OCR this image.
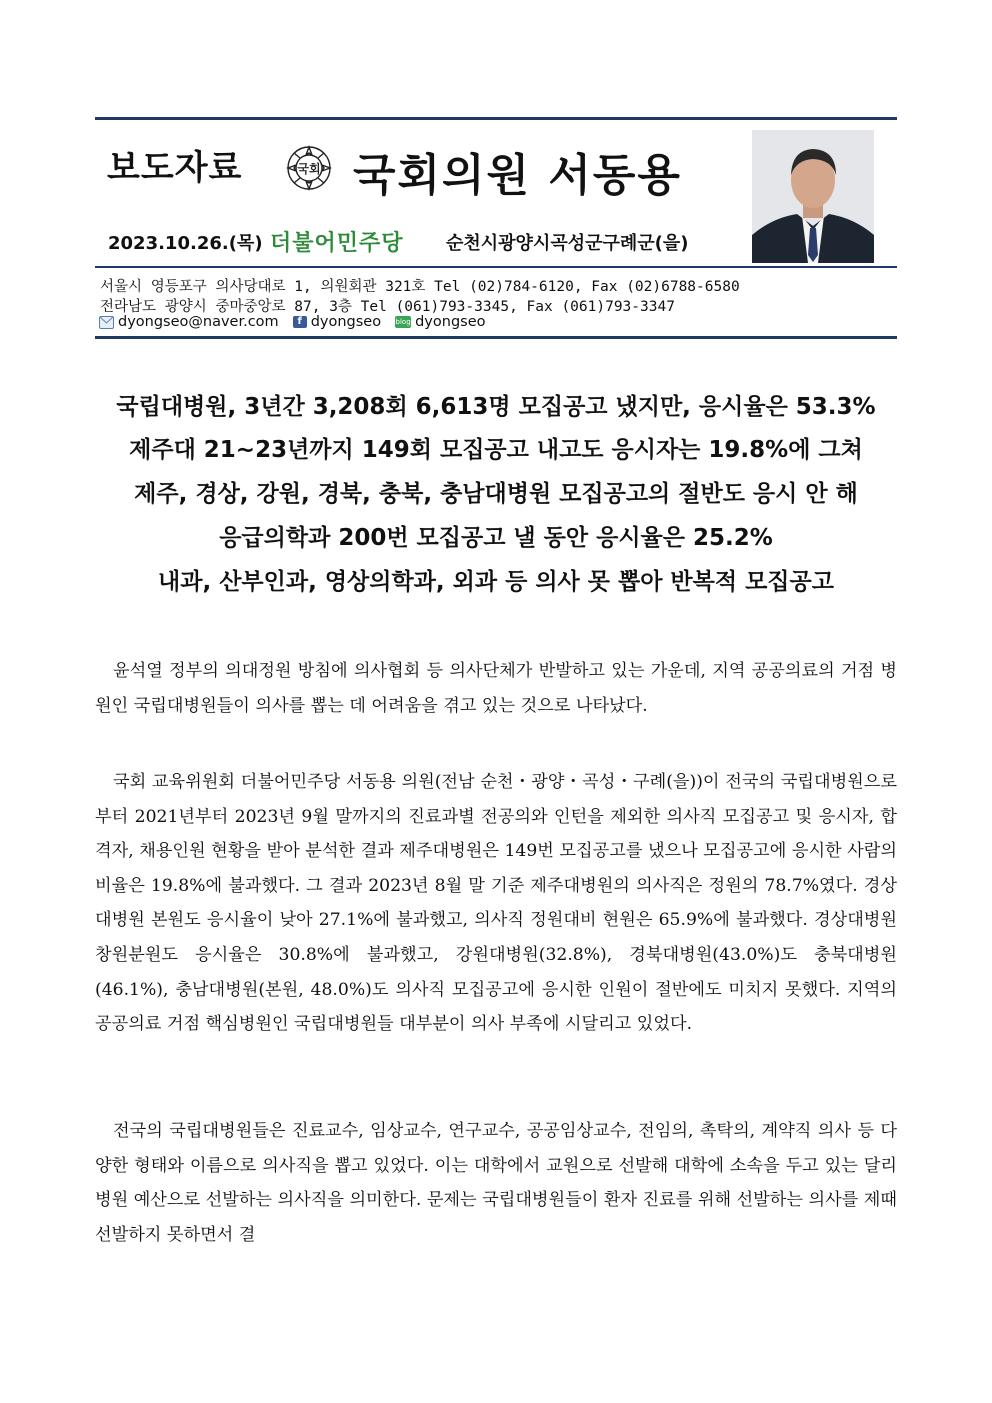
보도자료	국회 국회의원 서동용
2023.10.26.(목) 더불어민주당 순천시광양시곡성군구례군(을)
서울시 영등포구 의사당대로 1, 의원회관 321호 Tel (02)784-6120, Fax (02)6788-6580
전라남도 광양시 중마중앙로 87, 3층 Tel (061)793-3345, Fax (061)793-3347
dyongseo@naver.com	f dyongseo blog dyongseo
국립대병원, 3년간 3,208회 6,613명 모집공고 냈지만, 응시율은 53.3%
제주대 21~23년까지 149회 모집공고 내고도 응시자는 19.8%에 그쳐
제주, 경상, 강원, 경북, 충북, 충남대병원 모집공고의 절반도 응시 안 해
응급의학과 200번 모집공고 낼 동안 응시율은 25.2%
내과, 산부인과, 영상의학과, 외과 등 의사 못 뽑아 반복적 모집공고

윤석열 정부의 의대정원 방침에 의사협회 등 의사단체가 반발하고 있는 가운데, 지역 공공의료의 거점 병원인 국립대병원들이 의사를 뽑는 데 어려움을 겪고 있는 것으로 나타났다.

국회 교육위원회 더불어민주당 서동용 의원(전남 순천・광양・곡성・구례(을))이 전국의 국립대병원으로부터 2021년부터 2023년 9월 말까지의 진료과별 전공의와 인턴을 제외한 의사직 모집공고 및 응시자, 합격자, 채용인원 현황을 받아 분석한 결과 제주대병원은 149번 모집공고를 냈으나 모집공고에 응시한 사람의 비율은 19.8%에 불과했다. 그 결과 2023년 8월 말 기준 제주대병원의 의사직은 정원의 78.7%였다. 경상대병원 본원도 응시율이 낮아 27.1%에 불과했고, 의사직 정원대비 현원은 65.9%에 불과했다. 경상대병원 창원분원도 응시율은 30.8%에 불과했고, 강원대병원(32.8%), 경북대병원(43.0%)도 충북대병원(46.1%), 충남대병원(본원, 48.0%)도 의사직 모집공고에 응시한 인원이 절반에도 미치지 못했다. 지역의 공공의료 거점 핵심병원인 국립대병원들 대부분이 의사 부족에 시달리고 있었다.

전국의 국립대병원들은 진료교수, 임상교수, 연구교수, 공공임상교수, 전임의, 촉탁의, 계약직 의사 등 다양한 형태와 이름으로 의사직을 뽑고 있었다. 이는 대학에서 교원으로 선발해 대학에 소속을 두고 있는 달리 병원 예산으로 선발하는 의사직을 의미한다. 문제는 국립대병원들이 환자 진료를 위해 선발하는 의사를 제때 선발하지 못하면서 결
